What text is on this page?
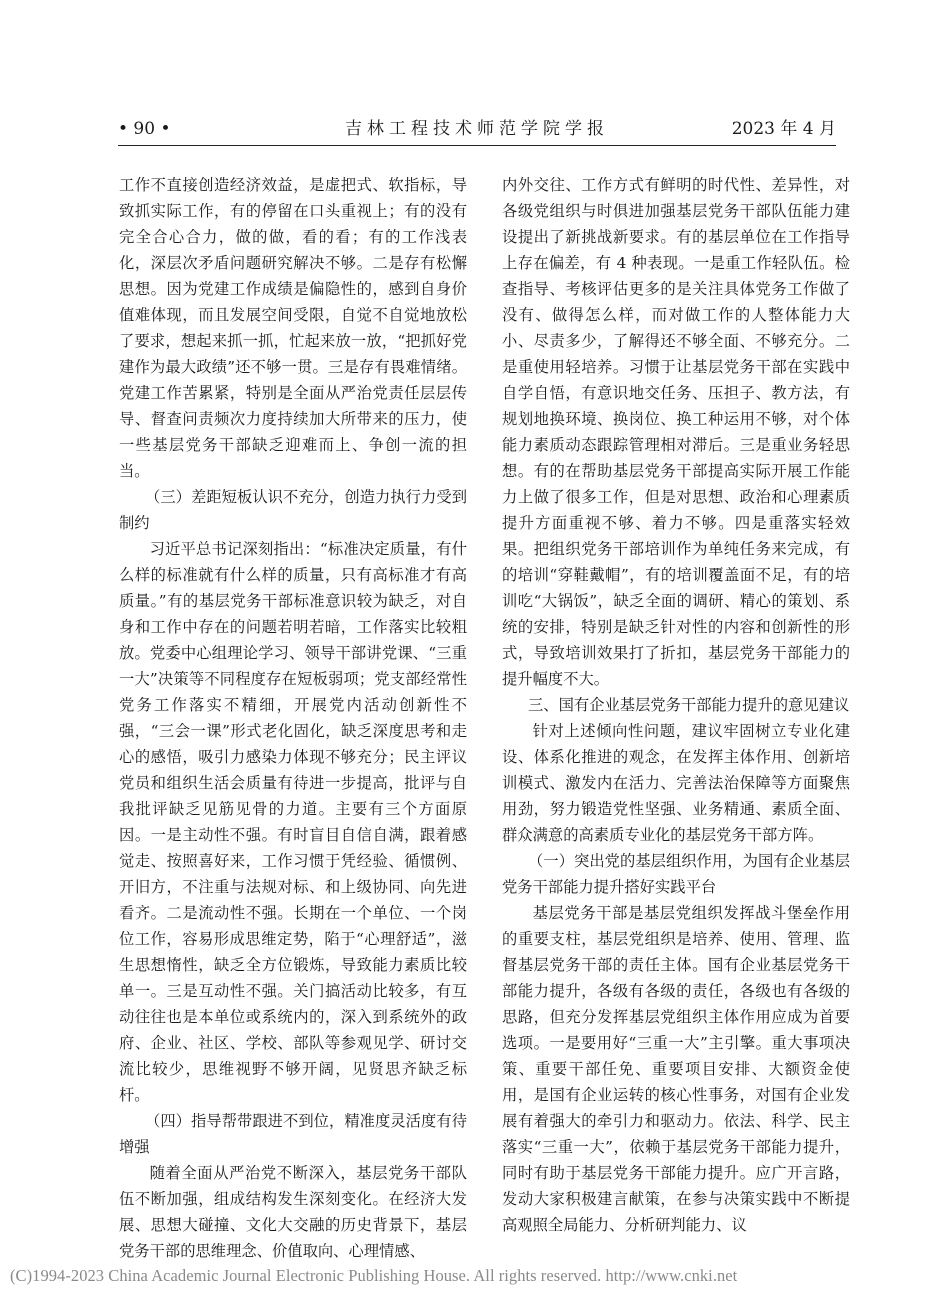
• 90 •	吉林工程技术师范学院学报	2023 年 4 月

工作不直接创造经济效益，是虚把式、软指标，导致抓实际工作，有的停留在口头重视上；有的没有完全合心合力，做的做，看的看；有的工作浅表化，深层次矛盾问题研究解决不够。二是存有松懈思想。因为党建工作成绩是偏隐性的，感到自身价值难体现，而且发展空间受限，自觉不自觉地放松了要求，想起来抓一抓，忙起来放一放，“把抓好党建作为最大政绩”还不够一贯。三是存有畏难情绪。党建工作苦累紧，特别是全面从严治党责任层层传导、督查问责频次力度持续加大所带来的压力，使一些基层党务干部缺乏迎难而上、争创一流的担当。

（三）差距短板认识不充分，创造力执行力受到制约

习近平总书记深刻指出：“标准决定质量，有什么样的标准就有什么样的质量，只有高标准才有高质量。”有的基层党务干部标准意识较为缺乏，对自身和工作中存在的问题若明若暗，工作落实比较粗放。党委中心组理论学习、领导干部讲党课、“三重一大”决策等不同程度存在短板弱项；党支部经常性党务工作落实不精细，开展党内活动创新性不强，“三会一课”形式老化固化，缺乏深度思考和走心的感悟，吸引力感染力体现不够充分；民主评议党员和组织生活会质量有待进一步提高，批评与自我批评缺乏见筋见骨的力道。主要有三个方面原因。一是主动性不强。有时盲目自信自满，跟着感觉走、按照喜好来，工作习惯于凭经验、循惯例、开旧方，不注重与法规对标、和上级协同、向先进看齐。二是流动性不强。长期在一个单位、一个岗位工作，容易形成思维定势，陷于“心理舒适”，滋生思想惰性，缺乏全方位锻炼，导致能力素质比较单一。三是互动性不强。关门搞活动比较多，有互动往往也是本单位或系统内的，深入到系统外的政府、企业、社区、学校、部队等参观见学、研讨交流比较少，思维视野不够开阔，见贤思齐缺乏标杆。

（四）指导帮带跟进不到位，精准度灵活度有待增强

随着全面从严治党不断深入，基层党务干部队伍不断加强，组成结构发生深刻变化。在经济大发展、思想大碰撞、文化大交融的历史背景下，基层党务干部的思维理念、价值取向、心理情感、

内外交往、工作方式有鲜明的时代性、差异性，对各级党组织与时俱进加强基层党务干部队伍能力建设提出了新挑战新要求。有的基层单位在工作指导上存在偏差，有 4 种表现。一是重工作轻队伍。检查指导、考核评估更多的是关注具体党务工作做了没有、做得怎么样，而对做工作的人整体能力大小、尽责多少，了解得还不够全面、不够充分。二是重使用轻培养。习惯于让基层党务干部在实践中自学自悟，有意识地交任务、压担子、教方法，有规划地换环境、换岗位、换工种运用不够，对个体能力素质动态跟踪管理相对滞后。三是重业务轻思想。有的在帮助基层党务干部提高实际开展工作能力上做了很多工作，但是对思想、政治和心理素质提升方面重视不够、着力不够。四是重落实轻效果。把组织党务干部培训作为单纯任务来完成，有的培训“穿鞋戴帽”，有的培训覆盖面不足，有的培训吃“大锅饭”，缺乏全面的调研、精心的策划、系统的安排，特别是缺乏针对性的内容和创新性的形式，导致培训效果打了折扣，基层党务干部能力的提升幅度不大。

三、国有企业基层党务干部能力提升的意见建议

针对上述倾向性问题，建议牢固树立专业化建设、体系化推进的观念，在发挥主体作用、创新培训模式、激发内在活力、完善法治保障等方面聚焦用劲，努力锻造党性坚强、业务精通、素质全面、群众满意的高素质专业化的基层党务干部方阵。

（一）突出党的基层组织作用，为国有企业基层党务干部能力提升搭好实践平台

基层党务干部是基层党组织发挥战斗堡垒作用的重要支柱，基层党组织是培养、使用、管理、监督基层党务干部的责任主体。国有企业基层党务干部能力提升，各级有各级的责任，各级也有各级的思路，但充分发挥基层党组织主体作用应成为首要选项。一是要用好“三重一大”主引擎。重大事项决策、重要干部任免、重要项目安排、大额资金使用，是国有企业运转的核心性事务，对国有企业发展有着强大的牵引力和驱动力。依法、科学、民主落实“三重一大”，依赖于基层党务干部能力提升，同时有助于基层党务干部能力提升。应广开言路，发动大家积极建言献策，在参与决策实践中不断提高观照全局能力、分析研判能力、议

(C)1994-2023 China Academic Journal Electronic Publishing House. All rights reserved. http://www.cnki.net
